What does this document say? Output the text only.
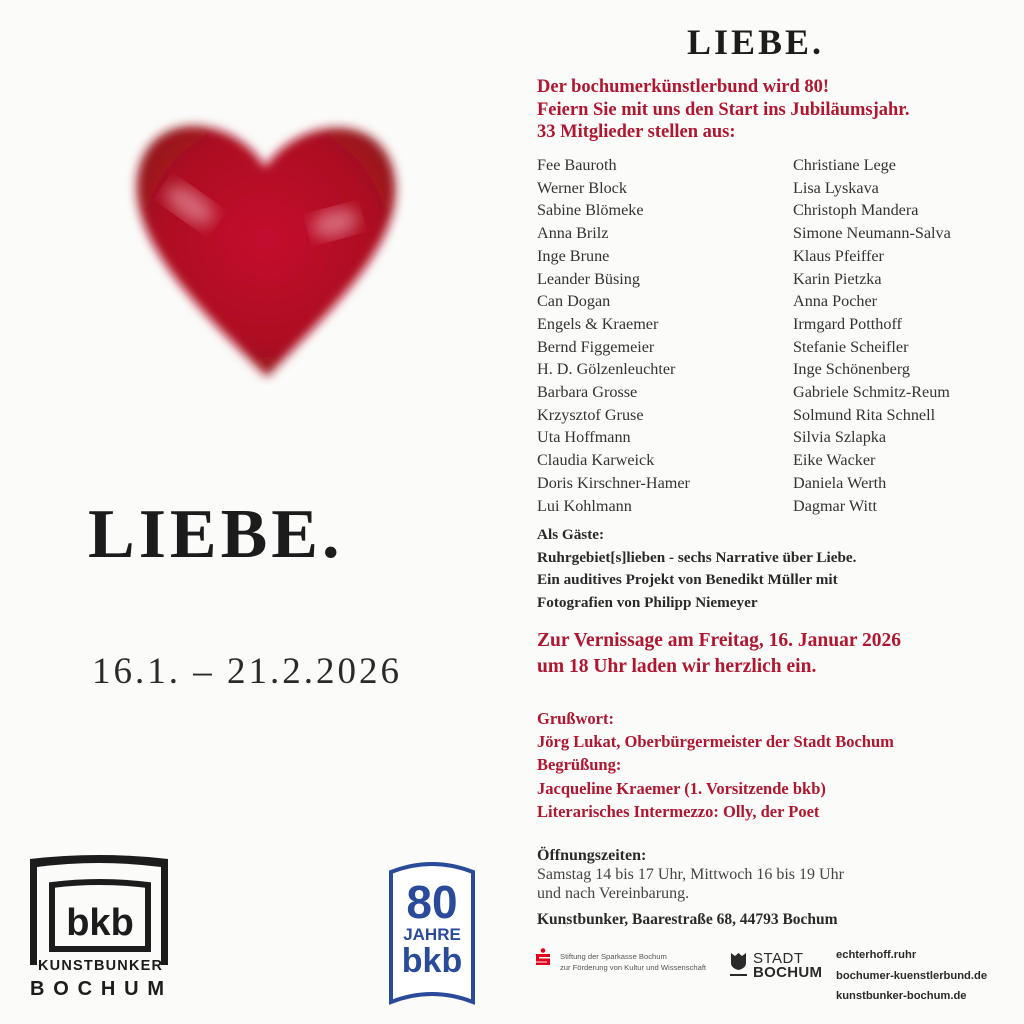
LIEBE.
16.1. – 21.2.2026
bkb
KUNSTBUNKER
BOCHUM
80
JAHRE
bkb
LIEBE.
Der bochumerkünstlerbund wird 80!
Feiern Sie mit uns den Start ins Jubiläumsjahr.
33 Mitglieder stellen aus:
Fee Bauroth
Werner Block
Sabine Blömeke
Anna Brilz
Inge Brune
Leander Büsing
Can Dogan
Engels & Kraemer
Bernd Figgemeier
H. D. Gölzenleuchter
Barbara Grosse
Krzysztof Gruse
Uta Hoffmann
Claudia Karweick
Doris Kirschner-Hamer
Lui Kohlmann
Christiane Lege
Lisa Lyskava
Christoph Mandera
Simone Neumann-Salva
Klaus Pfeiffer
Karin Pietzka
Anna Pocher
Irmgard Potthoff
Stefanie Scheifler
Inge Schönenberg
Gabriele Schmitz-Reum
Solmund Rita Schnell
Silvia Szlapka
Eike Wacker
Daniela Werth
Dagmar Witt
Als Gäste:
Ruhrgebiet[s]lieben - sechs Narrative über Liebe.
Ein auditives Projekt von Benedikt Müller mit
Fotografien von Philipp Niemeyer
Zur Vernissage am Freitag, 16. Januar 2026
um 18 Uhr laden wir herzlich ein.
Grußwort:
Jörg Lukat, Oberbürgermeister der Stadt Bochum
Begrüßung:
Jacqueline Kraemer (1. Vorsitzende bkb)
Literarisches Intermezzo: Olly, der Poet
Öffnungszeiten:
Samstag 14 bis 17 Uhr, Mittwoch 16 bis 19 Uhr
und nach Vereinbarung.
Kunstbunker, Baarestraße 68, 44793 Bochum
Stiftung der Sparkasse Bochum
zur Förderung von Kultur und Wissenschaft	STADT
BOCHUM
echterhoff.ruhr
bochumer-kuenstlerbund.de
kunstbunker-bochum.de
